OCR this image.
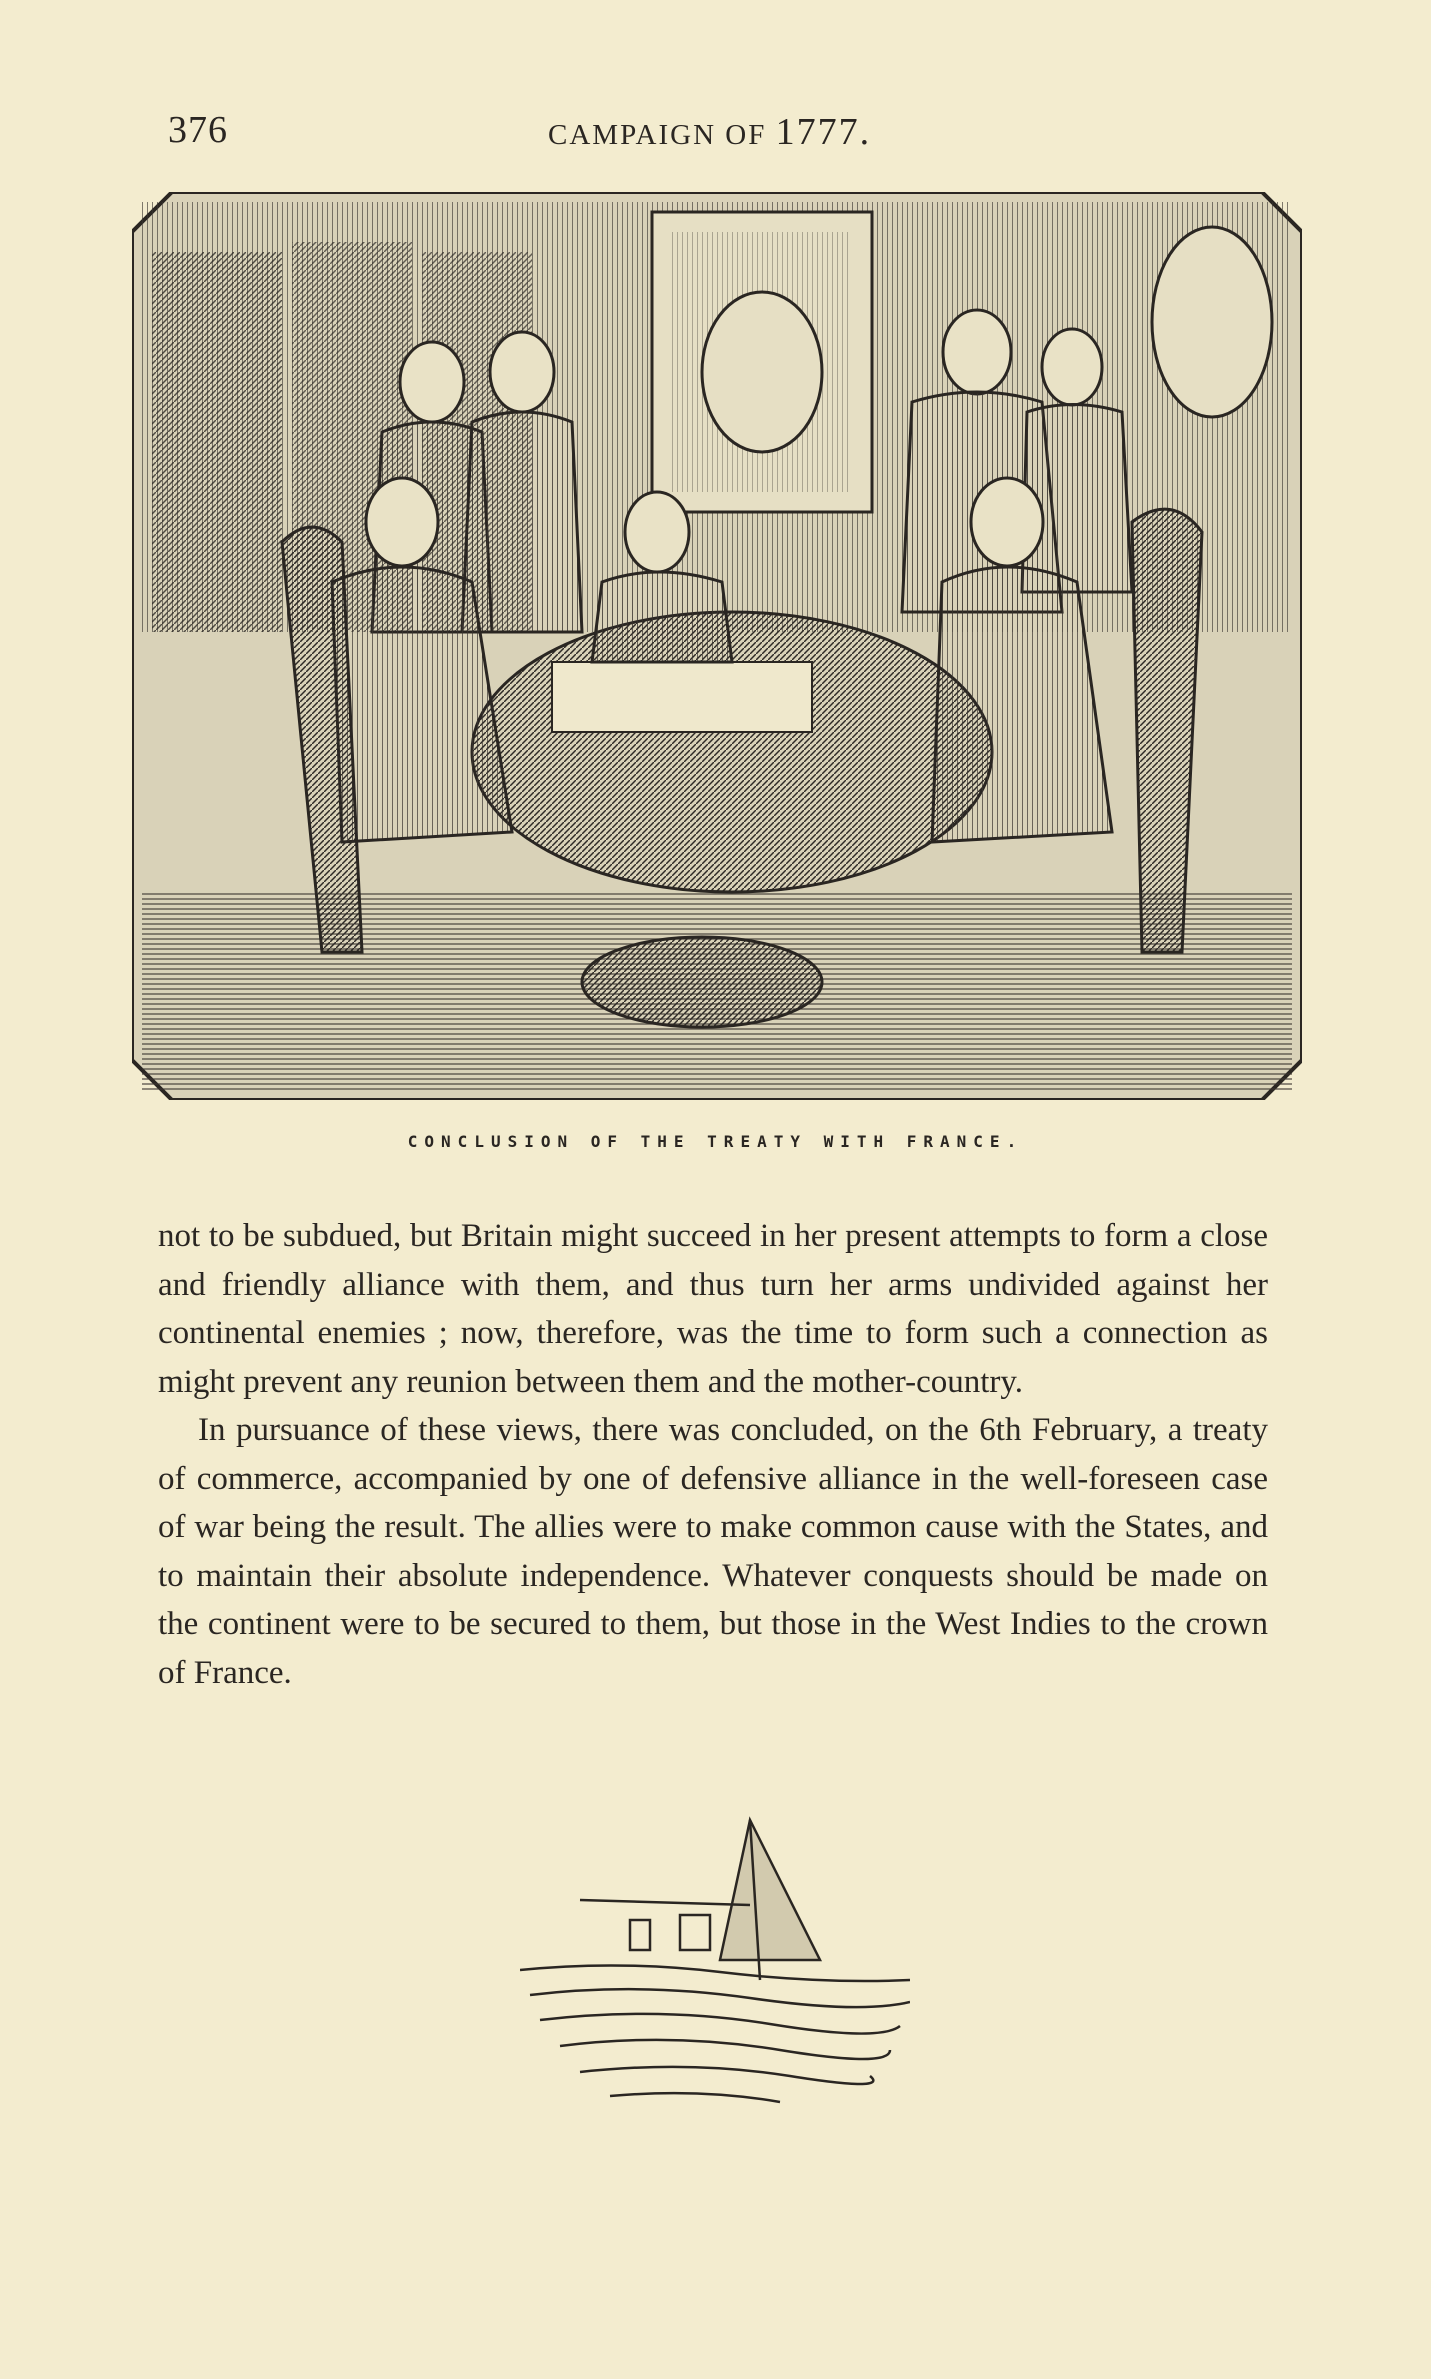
376	CAMPAIGN OF 1777.
CONCLUSION OF THE TREATY WITH FRANCE.

not to be subdued, but Britain might succeed in her present attempts to form a close and friendly alliance with them, and thus turn her arms undivided against her continental enemies ; now, therefore, was the time to form such a connection as might prevent any reunion between them and the mother-country.

In pursuance of these views, there was concluded, on the 6th February, a treaty of commerce, accompanied by one of defensive alliance in the well-foreseen case of war being the result. The allies were to make common cause with the States, and to maintain their absolute independence. Whatever conquests should be made on the continent were to be secured to them, but those in the West Indies to the crown of France.
